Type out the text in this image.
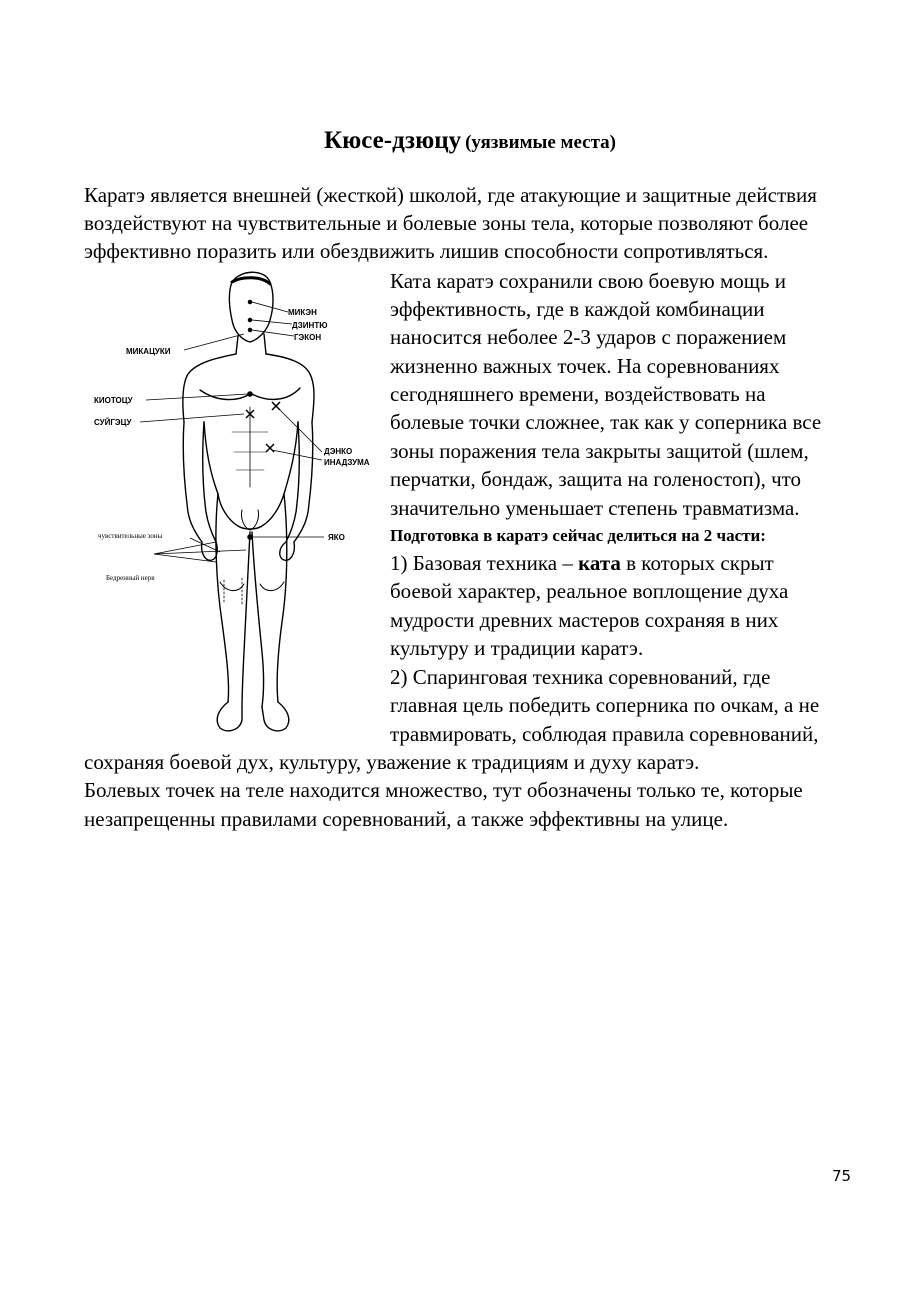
Кюсе-дзюцу (уязвимые места)
Каратэ является внешней (жесткой) школой, где атакующие и защитные действия
воздействуют на чувствительные и болевые зоны тела, которые позволяют более
эффективно поразить или обездвижить лишив способности сопротивляться.
Ката каратэ сохранили свою боевую мощь и
эффективность, где в каждой комбинации
наносится неболее 2-3 ударов с поражением
жизненно важных точек. На соревнованиях
сегодняшнего времени, воздействовать на
болевые точки сложнее, так как у соперника все
зоны поражения тела закрыты защитой (шлем,
перчатки, бондаж, защита на голеностоп), что
значительно уменьшает степень травматизма.
Подготовка в каратэ сейчас делиться на 2 части:
1) Базовая техника – ката в которых скрыт
боевой характер, реальное воплощение духа
мудрости древних мастеров сохраняя в них
культуру и традиции каратэ.
2) Спаринговая техника соревнований, где
главная цель победить соперника по очкам, а не
травмировать, соблюдая правила соревнований,
сохраняя боевой дух, культуру, уважение к традициям и духу каратэ.
Болевых точек на теле находится множество, тут обозначены только те, которые
незапрещенны правилами соревнований, а также эффективны на улице.
75
МИКЭН
ДЗИНТЮ
ГЭКОН
МИКАЦУКИ
КИОТОЦУ
СУЙГЭЦУ
ДЭНКО
ИНАДЗУМА
ЯКО
чувствительные зоны
Бедренный нерв
